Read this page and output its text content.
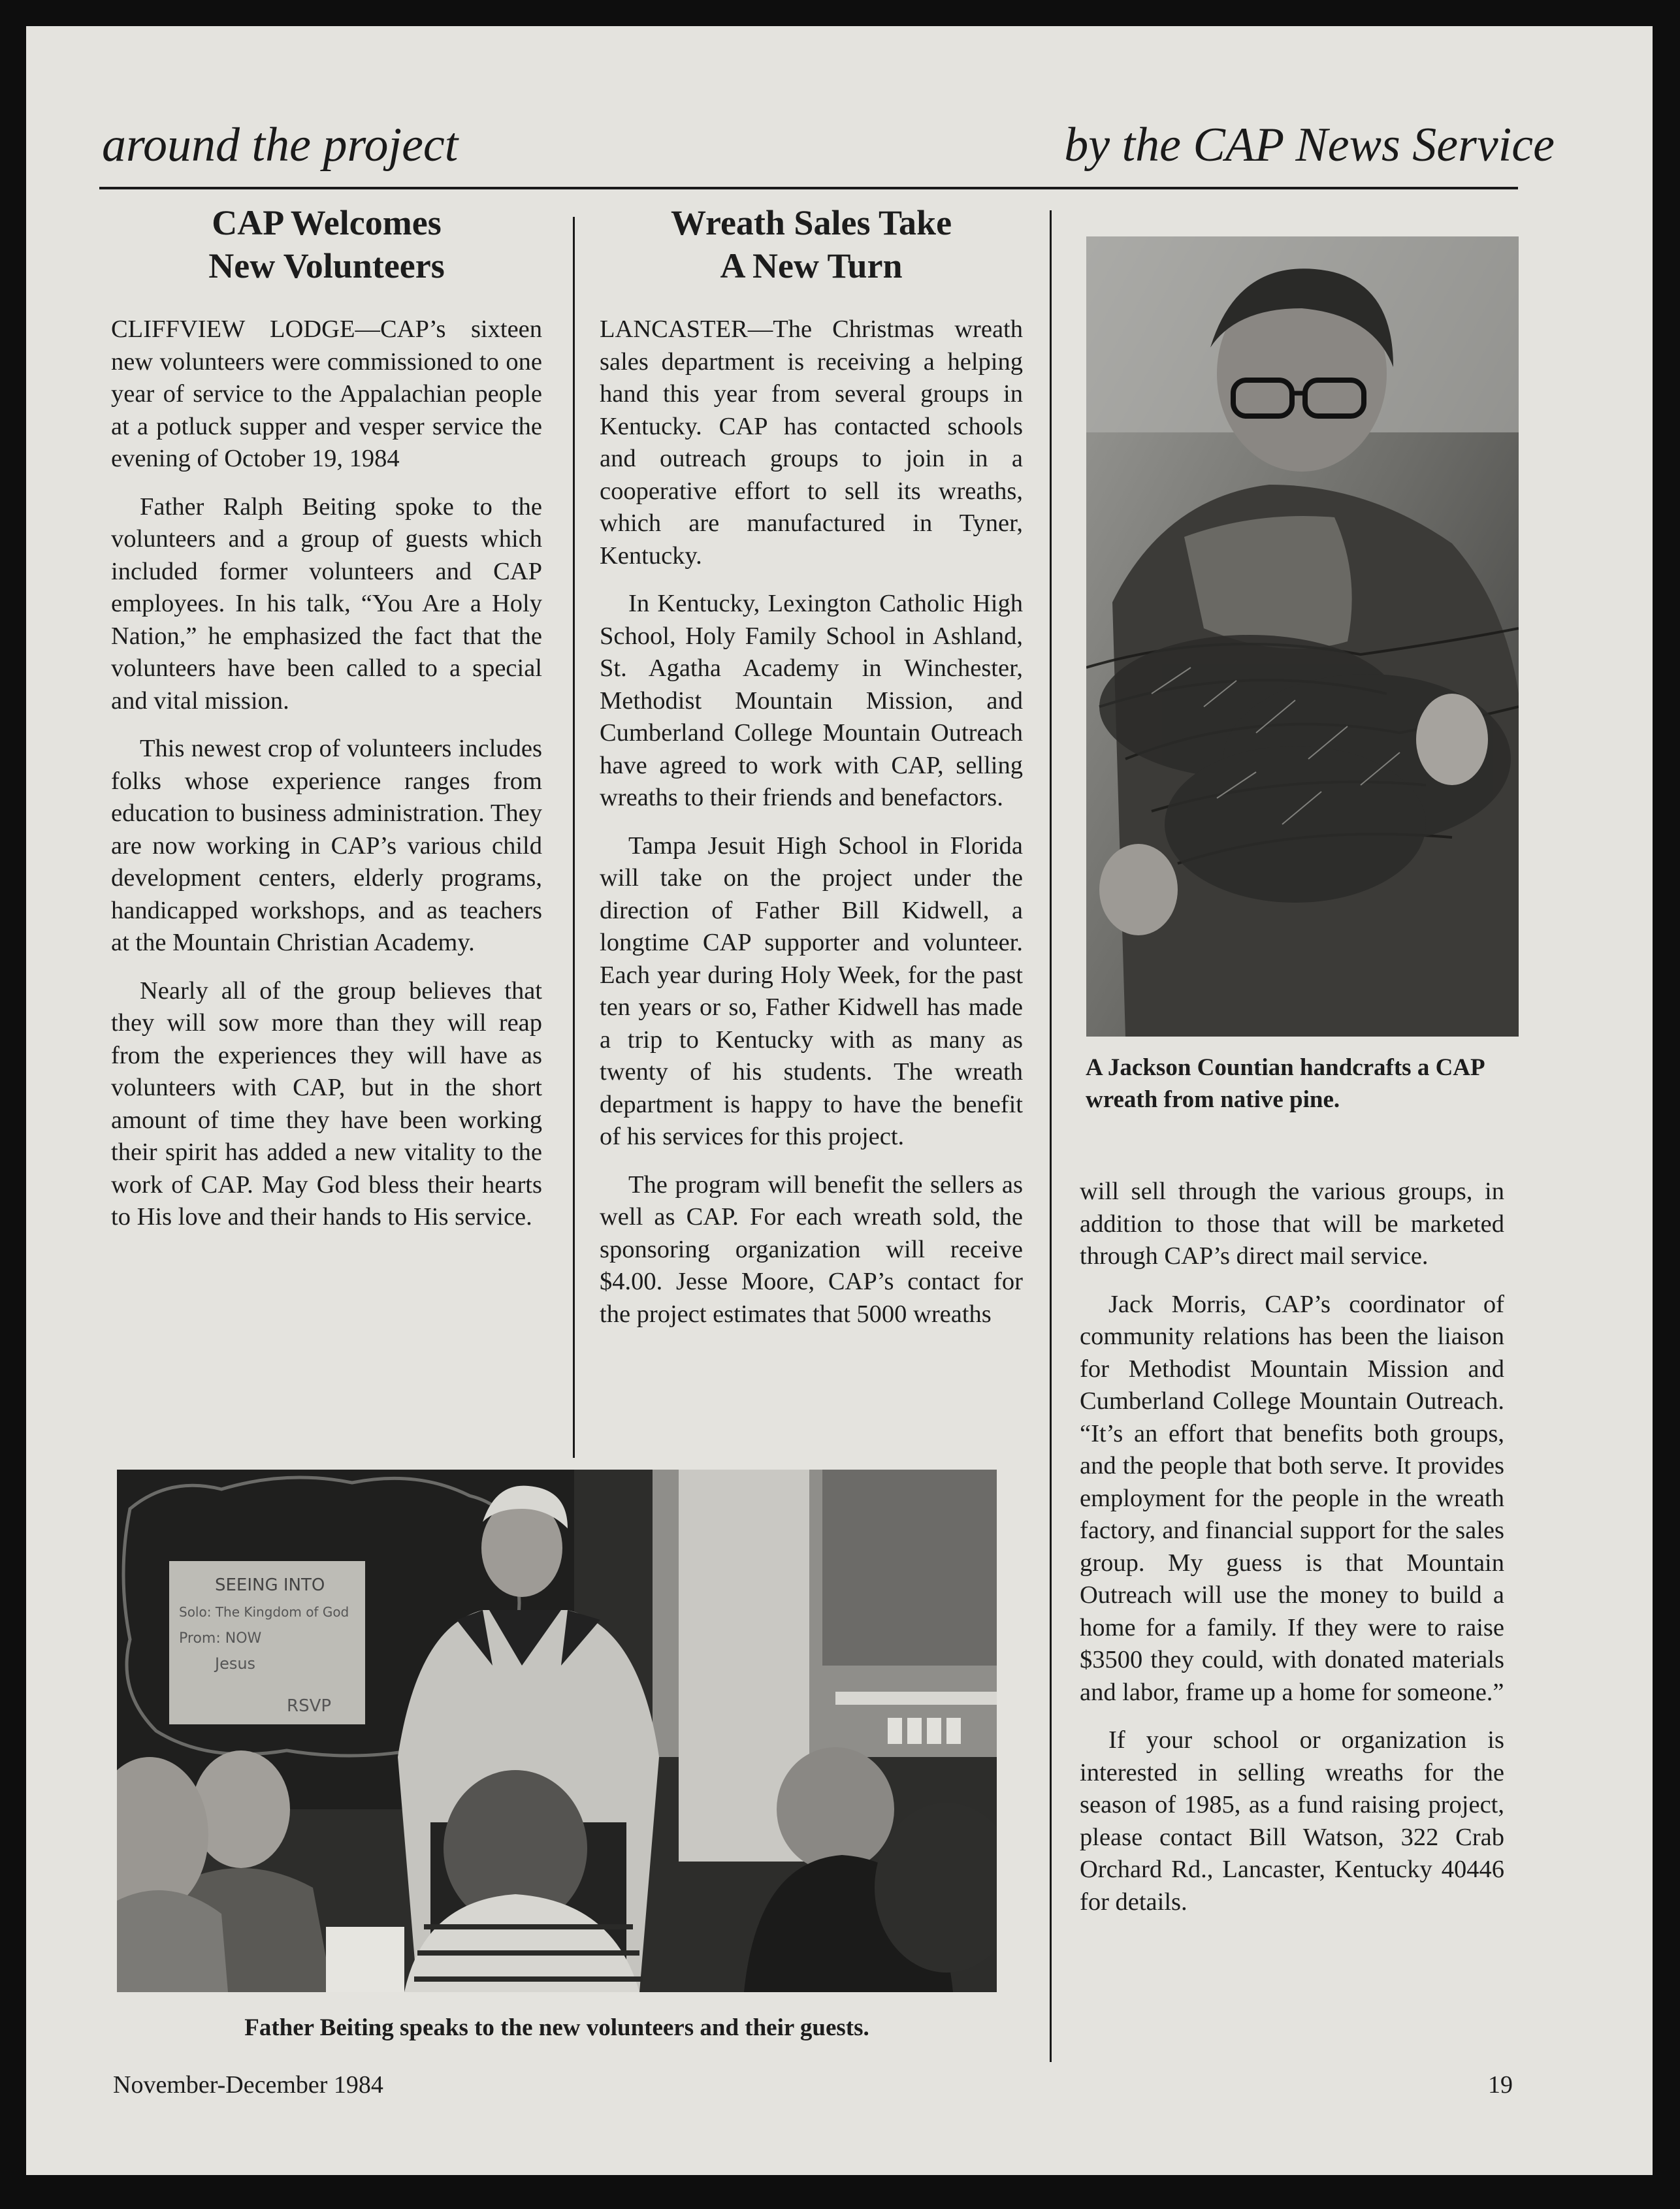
around the project	by the CAP News Service
CAP Welcomes
New Volunteers

CLIFFVIEW LODGE—CAP’s sixteen new volunteers were commissioned to one year of service to the Appalachian people at a potluck supper and vesper service the evening of October 19, 1984

Father Ralph Beiting spoke to the volunteers and a group of guests which included former volunteers and CAP employees. In his talk, “You Are a Holy Nation,” he emphasized the fact that the volunteers have been called to a special and vital mission.

This newest crop of volunteers includes folks whose experience ranges from education to business administration. They are now working in CAP’s various child development centers, elderly programs, handicapped workshops, and as teachers at the Mountain Christian Academy.

Nearly all of the group believes that they will sow more than they will reap from the experiences they will have as volunteers with CAP, but in the short amount of time they have been working their spirit has added a new vitality to the work of CAP. May God bless their hearts to His love and their hands to His service.

Wreath Sales Take
A New Turn

LANCASTER—The Christmas wreath sales department is receiving a helping hand this year from several groups in Kentucky. CAP has contacted schools and outreach groups to join in a cooperative effort to sell its wreaths, which are manufactured in Tyner, Kentucky.

In Kentucky, Lexington Catholic High School, Holy Family School in Ashland, St. Agatha Academy in Winchester, Methodist Mountain Mission, and Cumberland College Mountain Outreach have agreed to work with CAP, selling wreaths to their friends and benefactors.

Tampa Jesuit High School in Florida will take on the project under the direction of Father Bill Kidwell, a longtime CAP supporter and volunteer. Each year during Holy Week, for the past ten years or so, Father Kidwell has made a trip to Kentucky with as many as twenty of his students. The wreath department is happy to have the benefit of his services for this project.

The program will benefit the sellers as well as CAP. For each wreath sold, the sponsoring organization will receive $4.00. Jesse Moore, CAP’s contact for the project estimates that 5000 wreaths

A Jackson Countian handcrafts a CAP wreath from native pine.

will sell through the various groups, in addition to those that will be marketed through CAP’s direct mail service.

Jack Morris, CAP’s coordinator of community relations has been the liaison for Methodist Mountain Mission and Cumberland College Mountain Outreach. “It’s an effort that benefits both groups, and the people that both serve. It provides employment for the people in the wreath factory, and financial support for the sales group. My guess is that Mountain Outreach will use the money to build a home for a family. If they were to raise $3500 they could, with donated materials and labor, frame up a home for someone.”

If your school or organization is interested in selling wreaths for the season of 1985, as a fund raising project, please contact Bill Watson, 322 Crab Orchard Rd., Lancaster, Kentucky 40446 for details.

SEEING INTO
Solo: The Kingdom of God
Prom: NOW
Jesus
RSVP
Father Beiting speaks to the new volunteers and their guests.
November-December 1984	19
